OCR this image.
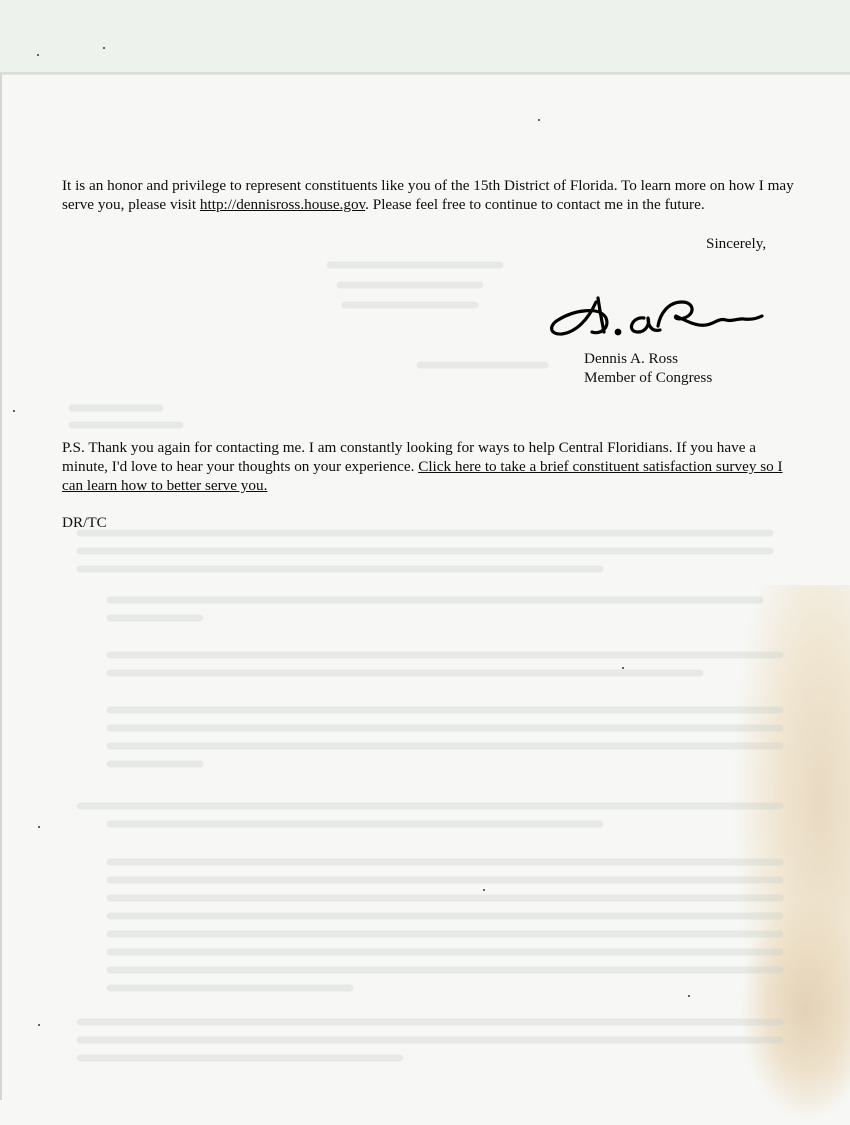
It is an honor and privilege to represent constituents like you of the 15th District of Florida. To learn more on how I may serve you, please visit http://dennisross.house.gov. Please feel free to continue to contact me in the future.
Sincerely,
Dennis A. Ross
Member of Congress
P.S. Thank you again for contacting me. I am constantly looking for ways to help Central Floridians. If you have a minute, I'd love to hear your thoughts on your experience. Click here to take a brief constituent satisfaction survey so I can learn how to better serve you.
DR/TC
